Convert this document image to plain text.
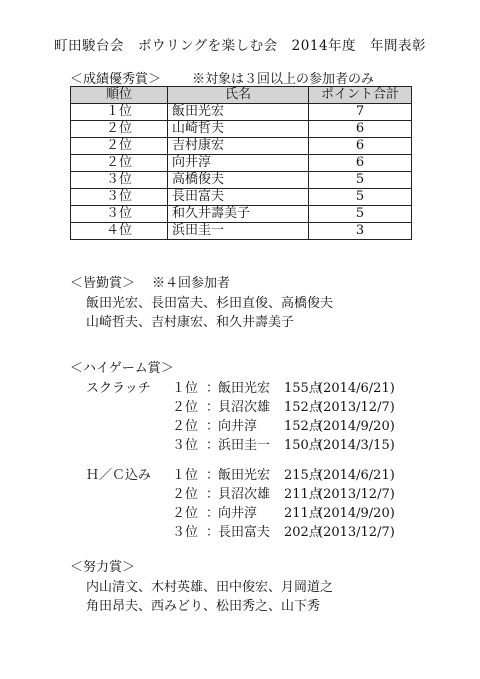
町田駿台会　ボウリングを楽しむ会　2014年度　年間表彰
＜成績優秀賞＞ ※対象は３回以上の参加者のみ
順位	氏名	ポイント合計
１位	飯田光宏	7
２位	山崎哲夫	6
２位	吉村康宏	6
２位	向井淳	6
３位	高橋俊夫	5
３位	長田富夫	5
３位	和久井壽美子	5
４位	浜田圭一	3
＜皆勤賞＞ ※４回参加者
飯田光宏、長田富夫、杉田直俊、高橋俊夫
山崎哲夫、吉村康宏、和久井壽美子
＜ハイゲーム賞＞
スクラッチ １位 ：飯田光宏 155点(2014/6/21)
２位 ：貝沼次雄 152点(2013/12/7)
２位 ：向井淳 152点(2014/9/20)
３位 ：浜田圭一 150点(2014/3/15)
Ｈ／Ｃ込み １位 ：飯田光宏 215点(2014/6/21)
２位 ：貝沼次雄 211点(2013/12/7)
２位 ：向井淳 211点(2014/9/20)
３位 ：長田富夫 202点(2013/12/7)
＜努力賞＞
内山清文、木村英雄、田中俊宏、月岡道之
角田昂夫、西みどり、松田秀之、山下秀
